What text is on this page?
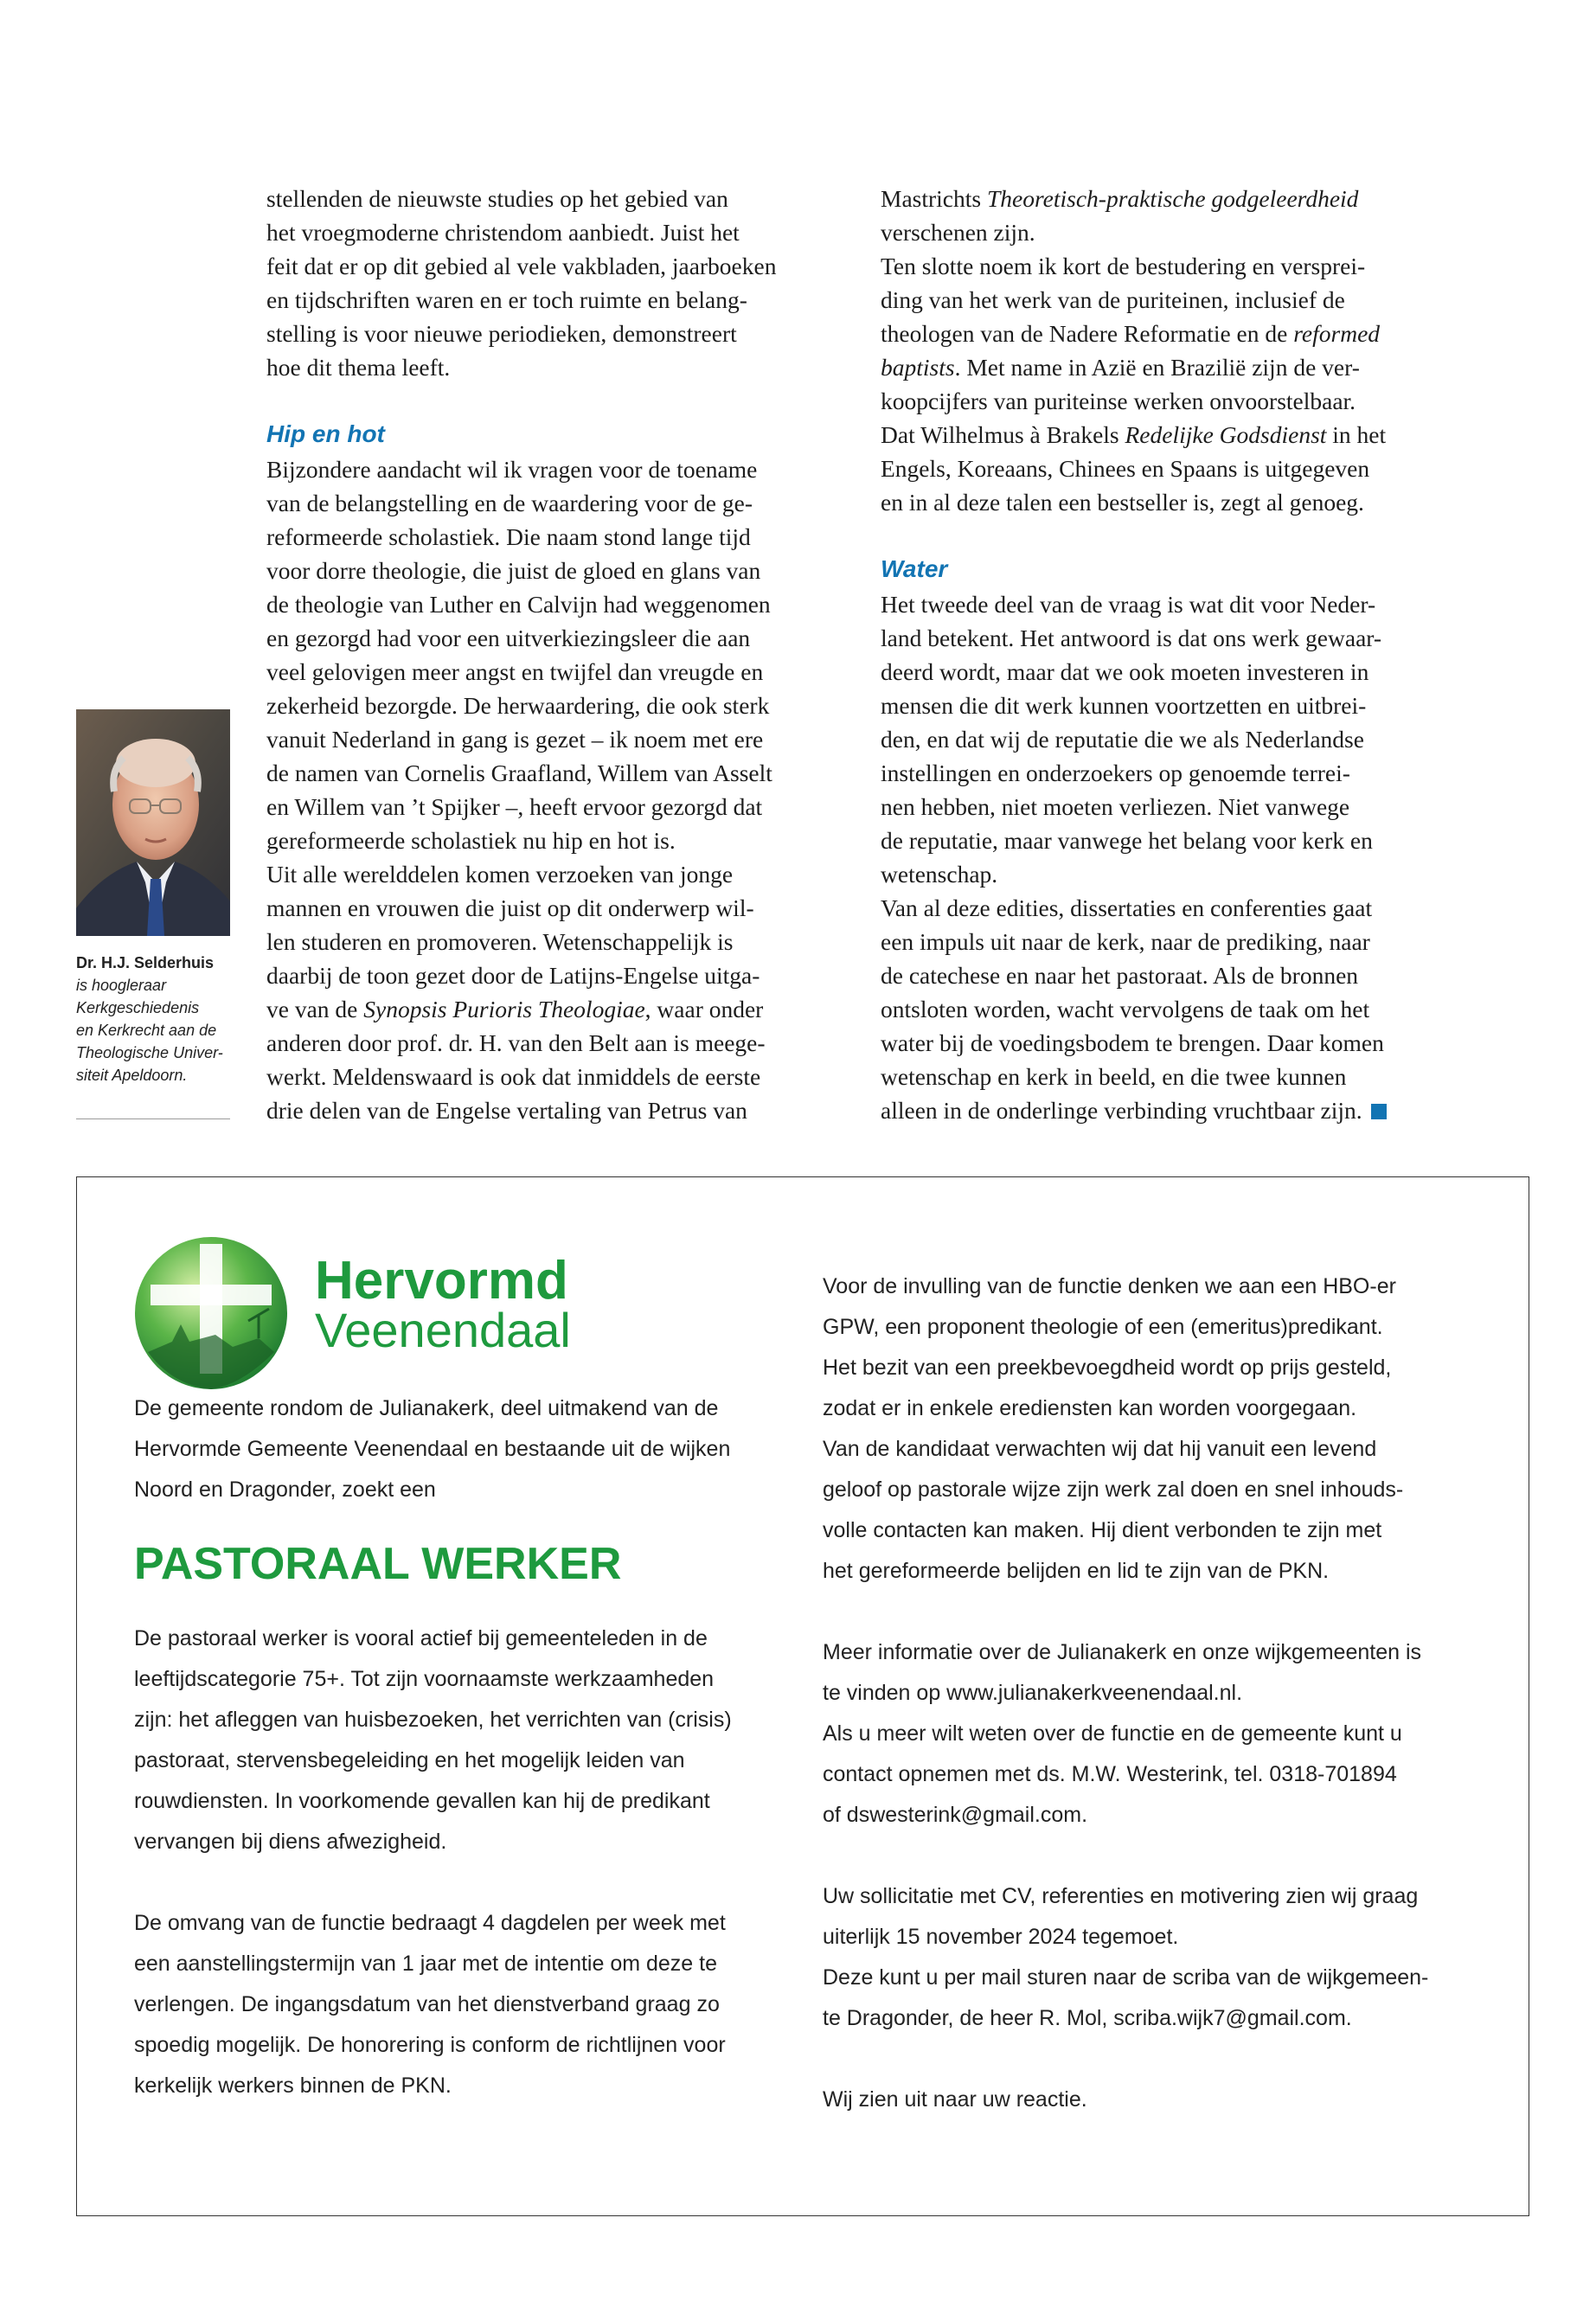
stellenden de nieuwste studies op het gebied van
het vroegmoderne christendom aanbiedt. Juist het
feit dat er op dit gebied al vele vakbladen, jaarboeken
en tijdschriften waren en er toch ruimte en belang-
stelling is voor nieuwe periodieken, demonstreert
hoe dit thema leeft.
Hip en hot
Bijzondere aandacht wil ik vragen voor de toename
van de belangstelling en de waardering voor de ge-
reformeerde scholastiek. Die naam stond lange tijd
voor dorre theologie, die juist de gloed en glans van
de theologie van Luther en Calvijn had weggenomen
en gezorgd had voor een uitverkiezingsleer die aan
veel gelovigen meer angst en twijfel dan vreugde en
zekerheid bezorgde. De herwaardering, die ook sterk
vanuit Nederland in gang is gezet – ik noem met ere
de namen van Cornelis Graafland, Willem van Asselt
en Willem van ’t Spijker –, heeft ervoor gezorgd dat
gereformeerde scholastiek nu hip en hot is.
Uit alle werelddelen komen verzoeken van jonge
mannen en vrouwen die juist op dit onderwerp wil-
len studeren en promoveren. Wetenschappelijk is
daarbij de toon gezet door de Latijns-Engelse uitga-
ve van de Synopsis Purioris Theologiae, waar onder
anderen door prof. dr. H. van den Belt aan is meege-
werkt. Meldenswaard is ook dat inmiddels de eerste
drie delen van de Engelse vertaling van Petrus van
Mastrichts Theoretisch-praktische godgeleerdheid
verschenen zijn.
Ten slotte noem ik kort de bestudering en versprei-
ding van het werk van de puriteinen, inclusief de
theologen van de Nadere Reformatie en de reformed
baptists. Met name in Azië en Brazilië zijn de ver-
koopcijfers van puriteinse werken onvoorstelbaar.
Dat Wilhelmus à Brakels Redelijke Godsdienst in het
Engels, Koreaans, Chinees en Spaans is uitgegeven
en in al deze talen een bestseller is, zegt al genoeg.
Water
Het tweede deel van de vraag is wat dit voor Neder-
land betekent. Het antwoord is dat ons werk gewaar-
deerd wordt, maar dat we ook moeten investeren in
mensen die dit werk kunnen voortzetten en uitbrei-
den, en dat wij de reputatie die we als Nederlandse
instellingen en onderzoekers op genoemde terrei-
nen hebben, niet moeten verliezen. Niet vanwege
de reputatie, maar vanwege het belang voor kerk en
wetenschap.
Van al deze edities, dissertaties en conferenties gaat
een impuls uit naar de kerk, naar de prediking, naar
de catechese en naar het pastoraat. Als de bronnen
ontsloten worden, wacht vervolgens de taak om het
water bij de voedingsbodem te brengen. Daar komen
wetenschap en kerk in beeld, en die twee kunnen
alleen in de onderlinge verbinding vruchtbaar zijn.
Dr. H.J. Selderhuis
is hoogleraar
Kerkgeschiedenis
en Kerkrecht aan de
Theologische Univer-
siteit Apeldoorn.
Hervormd
Veenendaal
De gemeente rondom de Julianakerk, deel uitmakend van de
Hervormde Gemeente Veenendaal en bestaande uit de wijken
Noord en Dragonder, zoekt een
PASTORAAL WERKER
De pastoraal werker is vooral actief bij gemeenteleden in de
leeftijdscategorie 75+. Tot zijn voornaamste werkzaamheden
zijn: het afleggen van huisbezoeken, het verrichten van (crisis)
pastoraat, stervensbegeleiding en het mogelijk leiden van
rouwdiensten. In voorkomende gevallen kan hij de predikant
vervangen bij diens afwezigheid.
De omvang van de functie bedraagt 4 dagdelen per week met
een aanstellingstermijn van 1 jaar met de intentie om deze te
verlengen. De ingangsdatum van het dienstverband graag zo
spoedig mogelijk. De honorering is conform de richtlijnen voor
kerkelijk werkers binnen de PKN.
Voor de invulling van de functie denken we aan een HBO-er
GPW, een proponent theologie of een (emeritus)predikant.
Het bezit van een preekbevoegdheid wordt op prijs gesteld,
zodat er in enkele erediensten kan worden voorgegaan.
Van de kandidaat verwachten wij dat hij vanuit een levend
geloof op pastorale wijze zijn werk zal doen en snel inhouds-
volle contacten kan maken. Hij dient verbonden te zijn met
het gereformeerde belijden en lid te zijn van de PKN.
Meer informatie over de Julianakerk en onze wijkgemeenten is
te vinden op www.julianakerkveenendaal.nl.
Als u meer wilt weten over de functie en de gemeente kunt u
contact opnemen met ds. M.W. Westerink, tel. 0318-701894
of dswesterink@gmail.com.
Uw sollicitatie met CV, referenties en motivering zien wij graag
uiterlijk 15 november 2024 tegemoet.
Deze kunt u per mail sturen naar de scriba van de wijkgemeen-
te Dragonder, de heer R. Mol, scriba.wijk7@gmail.com.

Wij zien uit naar uw reactie.
